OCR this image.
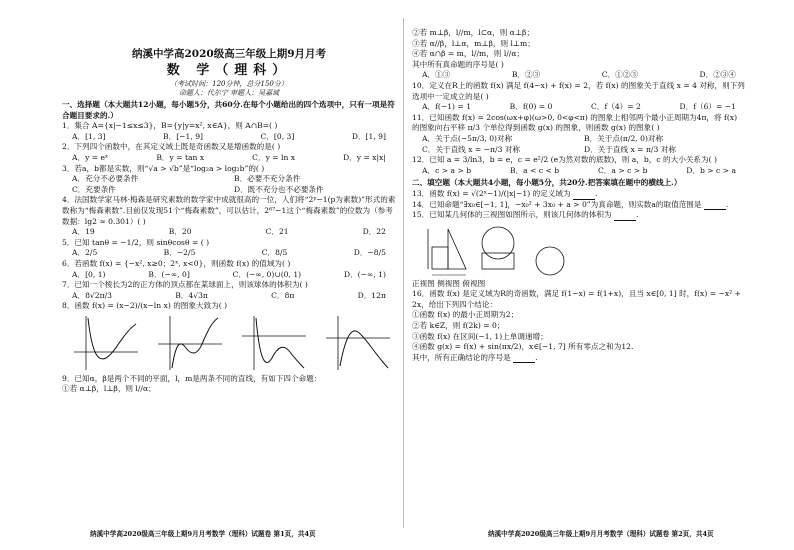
纳溪中学高2020级高三年级上期9月月考
数 学（理科）
（考试时间：120分钟，总分150分）
命题人：代尔宁 审题人：吴嘉诚
一、选择题（本大题共12小题，每小题5分，共60分.在每个小题给出的四个选项中，只有一项是符合题目要求的.）
1．集合 A={x|−1≤x≤3}，B={y|y=x², x∈A}，则 A∩B=( )
A．[1, 3]	B．[−1, 9]	C．[0, 3]	D．[1, 9]
2．下列四个函数中，在其定义域上既是奇函数又是增函数的是( )
A．y = eˣ	B．y = tan x	C．y = ln x	D．y = x|x|
3．若a，b都是实数，则“√a > √b”是“log₂a > log₂b”的( )
A．充分不必要条件	B．必要不充分条件
C．充要条件	D．既不充分也不必要条件
4．法国数学家马林·梅森是研究素数的数学家中成就很高的一位，人们将“2ᵖ−1(p为素数)”形式的素数称为“梅森素数”.目前仅发现51个“梅森素数”，可以估计，2⁶⁷−1这个“梅森素数”的位数为（参考数据：lg2 ≈ 0.301）( )
A．19	B．20	C．21	D．22
5．已知 tanθ = −1/2，则 sinθcosθ = ( )
A．2/5	B．−2/5	C．8/5	D．−8/5
6．若函数 f(x) = {−x², x≥0；2ˣ, x<0}，则函数 f(x) 的值域为( )
A．[0, 1)	B．(−∞, 0]	C．(−∞, 0)∪(0, 1)	D．(−∞, 1)
7．已知一个棱长为2的正方体的顶点都在某球面上，则该球体的体积为( )
A．8√2π/3	B．4√3π	C．8π	D．12π
8．函数 f(x) = (x−2)/(x−ln x) 的图象大致为( )
9．已知α，β是两个不同的平面，l，m是两条不同的直线，有如下四个命题：
①若 α⊥β，l⊥β，则 l//α；
②若 m⊥β，l//m，l⊂α，则 α⊥β；
③若 α//β，l⊥α，m⊥β，则 l⊥m；
④若 α∩β = m，l//m，则 l//α；
其中所有真命题的序号是( )
A．①③	B．②③	C．①②③	D．②③④
10．定义在R上的函数 f(x) 满足 f(4−x) + f(x) = 2，若 f(x) 的图象关于直线 x = 4 对称，则下列选项中一定成立的是( )
A．f(−1) = 1	B．f(0) = 0	C．f（4）= 2	D．f（6）= −1
11．已知函数 f(x) = 2cos(ωx+φ)(ω>0, 0<φ<π) 的图象上相邻两个最小正周期为4π，将 f(x) 的图象向右平移 π/3 个单位得到函数 g(x) 的图象，则函数 g(x) 的图象( )
A．关于点(−5π/3, 0)对称	B．关于点(π/2, 0)对称
C．关于直线 x = −π/3 对称	D．关于直线 x = π/3 对称
12．已知 a = 3/ln3，b = e，c = e²/2 (e为然对数的底数)，则 a，b，c 的大小关系为( )
A．c > a > b	B．a < c < b	C．a > c > b	D．b > c > a
二、填空题（本大题共4小题，每小题5分，共20分.把答案填在题中的横线上.）
13．函数 f(x) = √(2ˣ−1)/(|x|−1) 的定义域为	.
14．已知命题“∃x₀∈[−1, 1]，−x₀² + 3x₀ + a > 0”为真命题，则实数a的取值范围是	.
15．已知某几何体的三视图如图所示，则该几何体的体积为	.
正视图 侧视图 俯视图
16．函数 f(x) 是定义域为R的奇函数，满足 f(1−x) = f(1+x)，且当 x∈[0, 1] 时，f(x) = −x² + 2x，给出下列四个结论：
①函数 f(x) 的最小正周期为2；
②若 k∈Z，则 f(2k) = 0；
③函数 f(x) 在区间(−1, 1)上单调递增；
④函数 g(x) = f(x) + sin(πx/2)，x∈[−1, 7] 所有零点之和为12.
其中，所有正确结论的序号是	.
纳溪中学高2020级高三年级上期9月月考数学（理科）试题卷 第1页，共4页	纳溪中学高2020级高三年级上期9月月考数学（理科）试题卷 第2页，共4页
